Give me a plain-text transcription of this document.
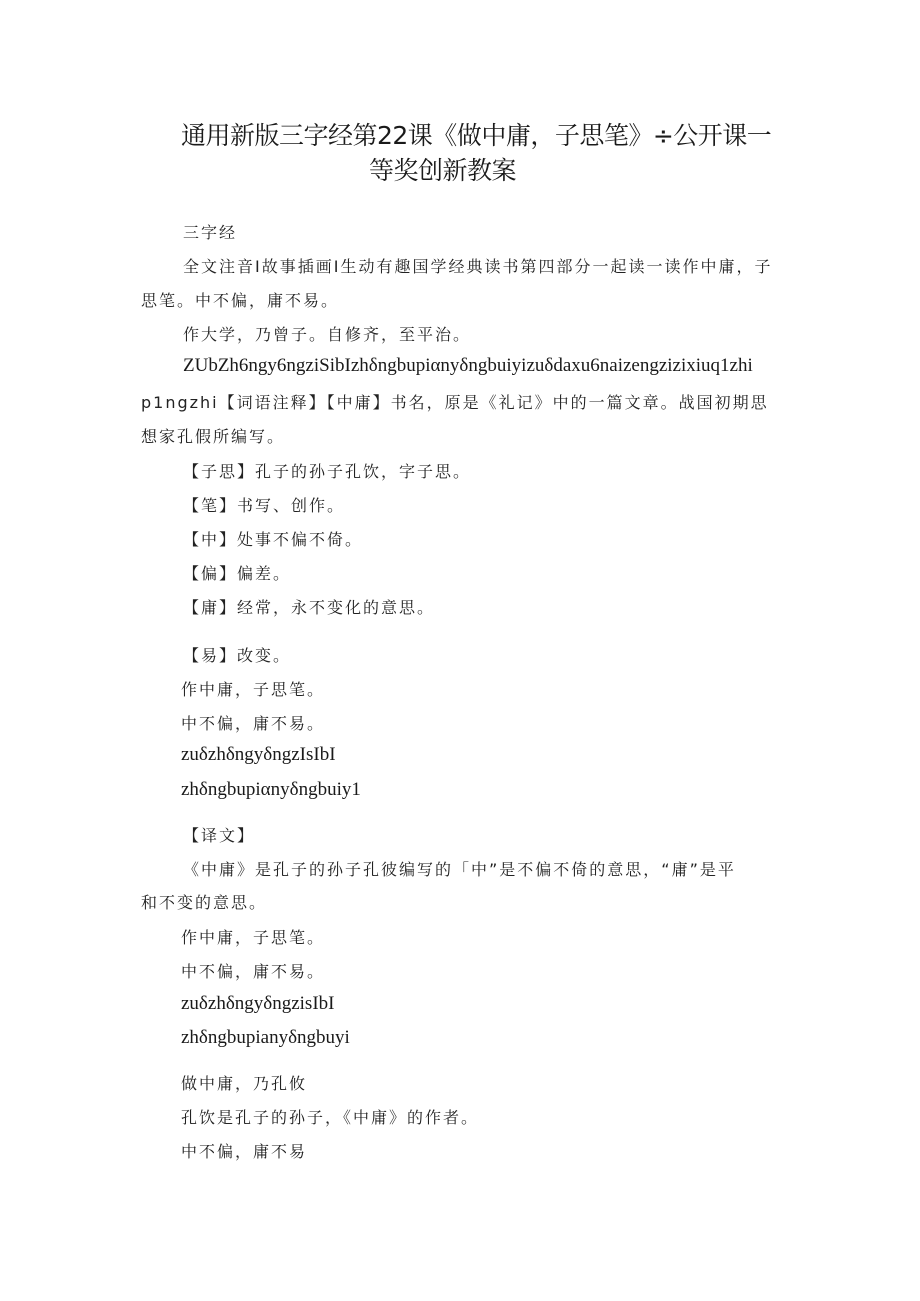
通用新版三字经第22课《做中庸，子思笔》÷公开课一
等奖创新教案

三字经

全文注音I故事插画I生动有趣国学经典读书第四部分一起读一读作中庸，子

思笔。中不偏，庸不易。

作大学，乃曾子。自修齐，至平治。

ZUbZh6ngy6ngziSibIzhδngbupiαnyδngbuiyizuδdaxu6naizengzizixiuq1zhi

p1ngzhi【词语注释】【中庸】书名，原是《礼记》中的一篇文章。战国初期思

想家孔假所编写。

【子思】孔子的孙子孔饮，字子思。

【笔】书写、创作。

【中】处事不偏不倚。

【偏】偏差。

【庸】经常，永不变化的意思。

【易】改变。

作中庸，子思笔。

中不偏，庸不易。

zuδzhδngyδngzIsIbI

zhδngbupiαnyδngbuiy1

【译文】

《中庸》是孔子的孙子孔彼编写的「中”是不偏不倚的意思，“庸”是平

和不变的意思。

作中庸，子思笔。

中不偏，庸不易。

zuδzhδngyδngzisIbI

zhδngbupianyδngbuyi

做中庸，乃孔攸

孔饮是孔子的孙子，《中庸》的作者。

中不偏，庸不易
